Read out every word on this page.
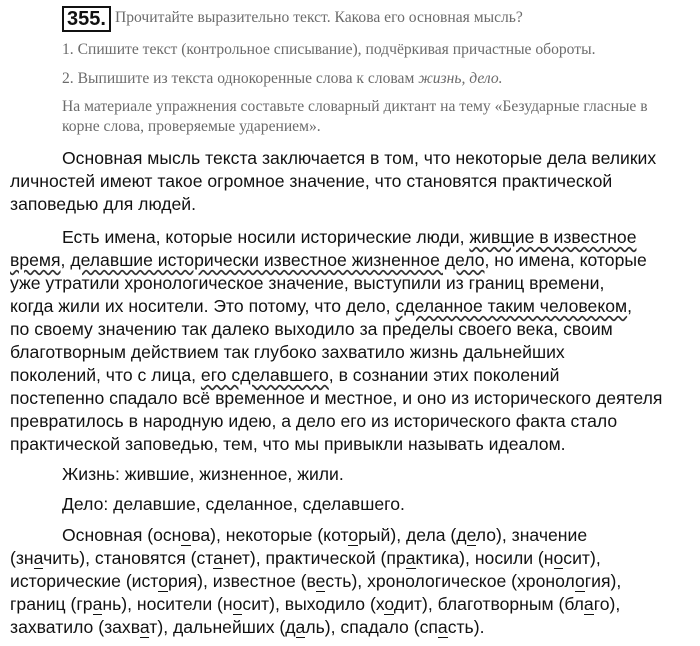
355. Прочитайте выразительно текст. Какова его основная мысль?

1. Спишите текст (контрольное списывание), подчёркивая причастные обороты.

2. Выпишите из текста однокоренные слова к словам жизнь, дело.

На материале упражнения составьте словарный диктант на тему «Безударные гласные в корне слова, проверяемые ударением».

Основная мысль текста заключается в том, что некоторые дела великих

личностей имеют такое огромное значение, что становятся практической

заповедью для людей.

Есть имена, которые носили исторические люди, живщие в известное

время, делавшие исторически известное жизненное дело, но имена, которые

уже утратили хронологическое значение, выступили из границ времени,

когда жили их носители. Это потому, что дело, сделанное таким человеком,

по своему значению так далеко выходило за пределы своего века, своим

благотворным действием так глубоко захватило жизнь дальнейших

поколений, что с лица, его сделавшего, в сознании этих поколений

постепенно спадало всё временное и местное, и оно из исторического деятеля

превратилось в народную идею, а дело его из исторического факта стало

практической заповедью, тем, что мы привыкли называть идеалом.

Жизнь: жившие, жизненное, жили.

Дело: делавшие, сделанное, сделавшего.

Основная (основа), некоторые (который), дела (дело), значение

(значить), становятся (станет), практической (практика), носили (носит),

исторические (история), известное (весть), хронологическое (хронология),

границ (грань), носители (носит), выходило (ходит), благотворным (благо),

захватило (захват), дальнейших (даль), спадало (спасть).
